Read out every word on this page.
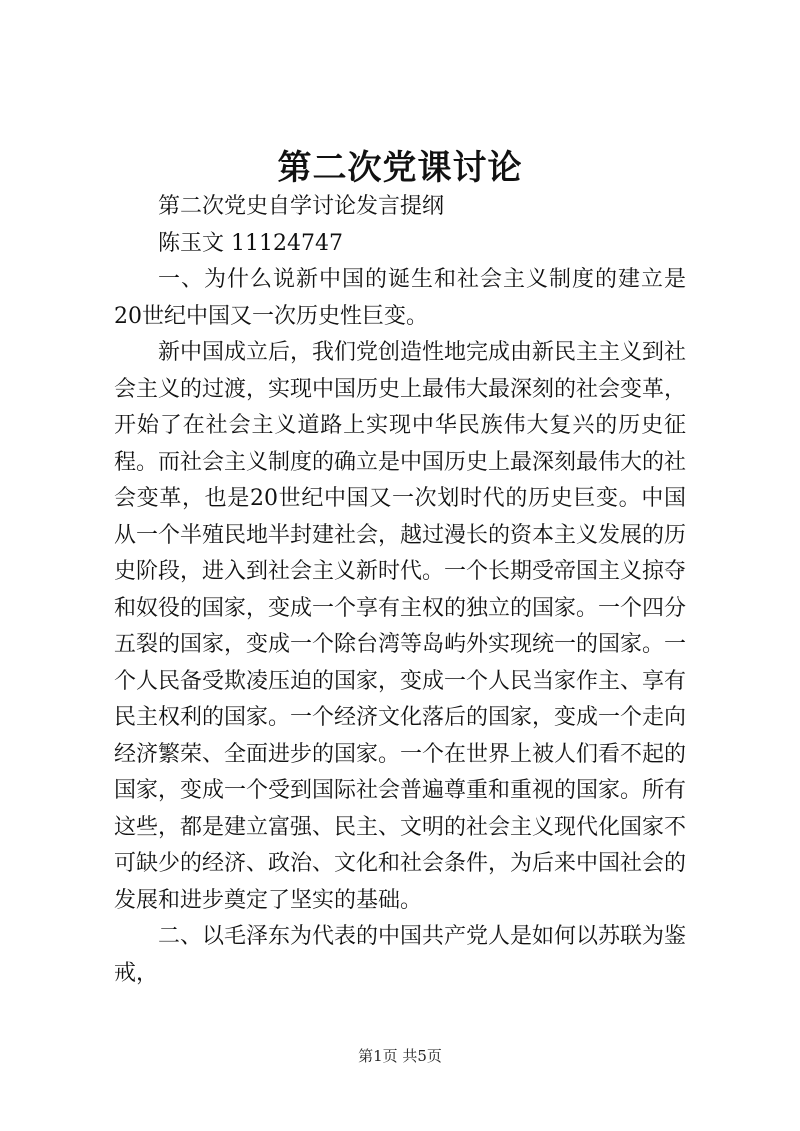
第二次党课讨论

第二次党史自学讨论发言提纲

陈玉文 11124747

一、为什么说新中国的诞生和社会主义制度的建立是20世纪中国又一次历史性巨变。

新中国成立后，我们党创造性地完成由新民主主义到社会主义的过渡，实现中国历史上最伟大最深刻的社会变革，开始了在社会主义道路上实现中华民族伟大复兴的历史征程。而社会主义制度的确立是中国历史上最深刻最伟大的社会变革，也是20世纪中国又一次划时代的历史巨变。中国从一个半殖民地半封建社会，越过漫长的资本主义发展的历史阶段，进入到社会主义新时代。一个长期受帝国主义掠夺和奴役的国家，变成一个享有主权的独立的国家。一个四分五裂的国家，变成一个除台湾等岛屿外实现统一的国家。一个人民备受欺凌压迫的国家，变成一个人民当家作主、享有民主权利的国家。一个经济文化落后的国家，变成一个走向经济繁荣、全面进步的国家。一个在世界上被人们看不起的国家，变成一个受到国际社会普遍尊重和重视的国家。所有这些，都是建立富强、民主、文明的社会主义现代化国家不可缺少的经济、政治、文化和社会条件，为后来中国社会的发展和进步奠定了坚实的基础。

二、以毛泽东为代表的中国共产党人是如何以苏联为鉴戒，

第1页 共5页
